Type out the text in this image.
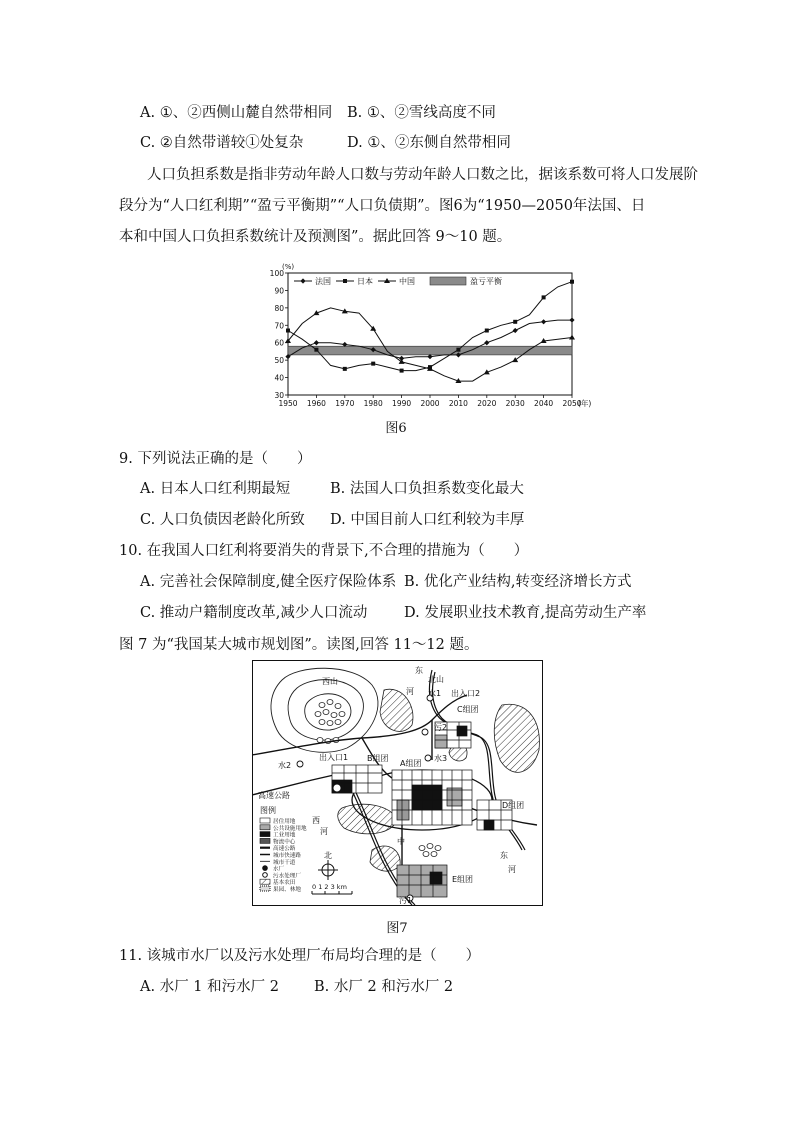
A. ①、②西侧山麓自然带相同 B. ①、②雪线高度不同
C. ②自然带谱较①处复杂	D. ①、②东侧自然带相同
人口负担系数是指非劳动年龄人口数与劳动年龄人口数之比，据该系数可将人口发展阶
段分为“人口红利期”“盈亏平衡期”“人口负债期”。图6为“1950—2050年法国、日
本和中国人口负担系数统计及预测图”。据此回答 9～10 题。
30
40
50
60
70
80
90
100
1950 1960 1970 1980 1990 2000 2010 2020 2030 2040 2050
(%)
(年)
法国	日本	中国	盈亏平衡
图6
9. 下列说法正确的是（　　）
A. 日本人口红利期最短	B. 法国人口负担系数变化最大
C. 人口负债因老龄化所致 D. 中国目前人口红利较为丰厚
10. 在我国人口红利将要消失的背景下,不合理的措施为（　　）
A. 完善社会保障制度,健全医疗保险体系 B. 优化产业结构,转变经济增长方式
C. 推动户籍制度改革,减少人口流动	D. 发展职业技术教育,提高劳动生产率
图 7 为“我国某大城市规划图”。读图,回答 11～12 题。
西山	北山
东
河 水1 出入口2
C组团
污2
水3
出入口1
水2
B组团
A组团
高速公路
D组团
西
河
中
E组团
东
河
污1
图例
居住用地
公共设施用地
工业用地
物流中心
高速公路
城市快速路
城市干道
水厂
污水处理厂
基本农田
果园、林地
北
0 1 2 3 km
图7
11. 该城市水厂以及污水处理厂布局均合理的是（　　）
A. 水厂 1 和污水厂 2 B. 水厂 2 和污水厂 2
